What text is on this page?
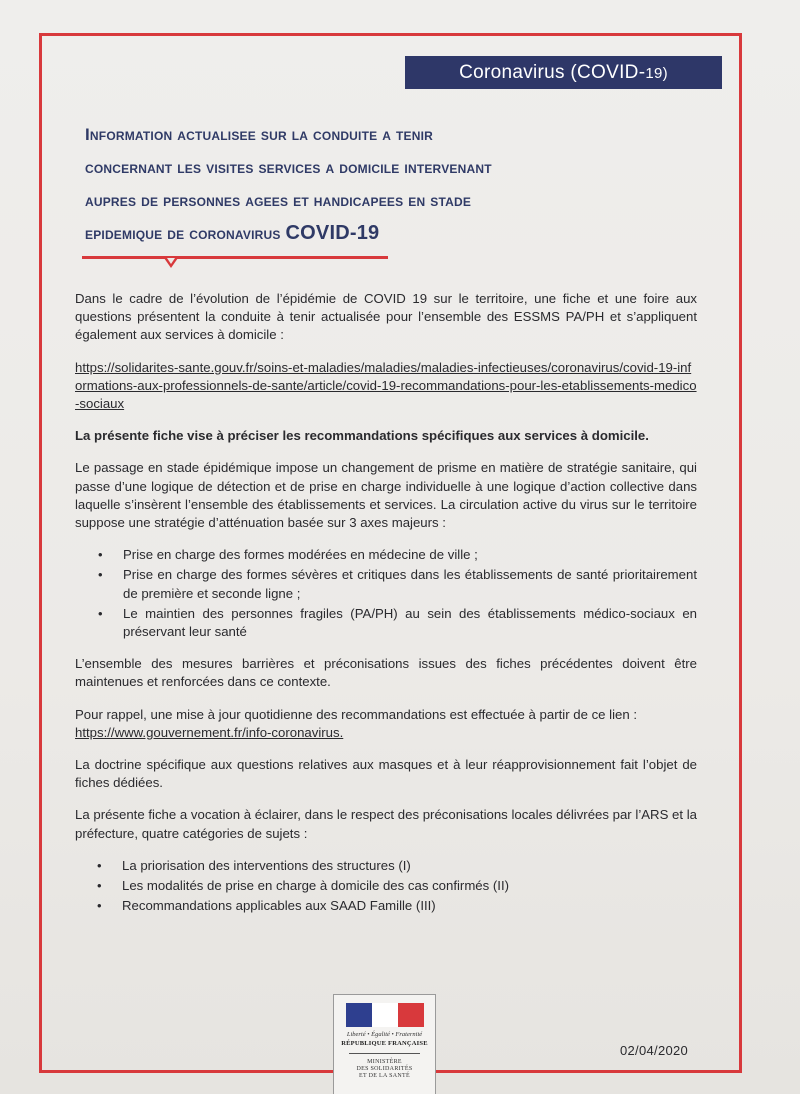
Coronavirus (COVID-19)
Information actualisee sur la conduite a tenir
concernant les visites services a domicile intervenant
aupres de personnes agees et handicapees en stade
epidemique de coronavirus COVID-19

Dans le cadre de l’évolution de l’épidémie de COVID 19 sur le territoire, une fiche et une foire aux questions présentent la conduite à tenir actualisée pour l’ensemble des ESSMS PA/PH et s’appliquent également aux services à domicile :

https://solidarites-sante.gouv.fr/soins-et-maladies/maladies/maladies-infectieuses/coronavirus/covid-19-informations-aux-professionnels-de-sante/article/covid-19-recommandations-pour-les-etablissements-medico-sociaux

La présente fiche vise à préciser les recommandations spécifiques aux services à domicile.

Le passage en stade épidémique impose un changement de prisme en matière de stratégie sanitaire, qui passe d’une logique de détection et de prise en charge individuelle à une logique d’action collective dans laquelle s’insèrent l’ensemble des établissements et services. La circulation active du virus sur le territoire suppose une stratégie d’atténuation basée sur 3 axes majeurs :

• Prise en charge des formes modérées en médecine de ville ;
• Prise en charge des formes sévères et critiques dans les établissements de santé prioritairement de première et seconde ligne ;
• Le maintien des personnes fragiles (PA/PH) au sein des établissements médico-sociaux en préservant leur santé

L’ensemble des mesures barrières et préconisations issues des fiches précédentes doivent être maintenues et renforcées dans ce contexte.

Pour rappel, une mise à jour quotidienne des recommandations est effectuée à partir de ce lien :
https://www.gouvernement.fr/info-coronavirus.

La doctrine spécifique aux questions relatives aux masques et à leur réapprovisionnement fait l’objet de fiches dédiées.

La présente fiche a vocation à éclairer, dans le respect des préconisations locales délivrées par l’ARS et la préfecture, quatre catégories de sujets :

• La priorisation des interventions des structures (I)
• Les modalités de prise en charge à domicile des cas confirmés (II)
• Recommandations applicables aux SAAD Famille (III)
Liberté • Égalité • Fraternité
RÉPUBLIQUE FRANÇAISE
MINISTÈRE
DES SOLIDARITÉS
ET DE LA SANTÉ
02/04/2020
